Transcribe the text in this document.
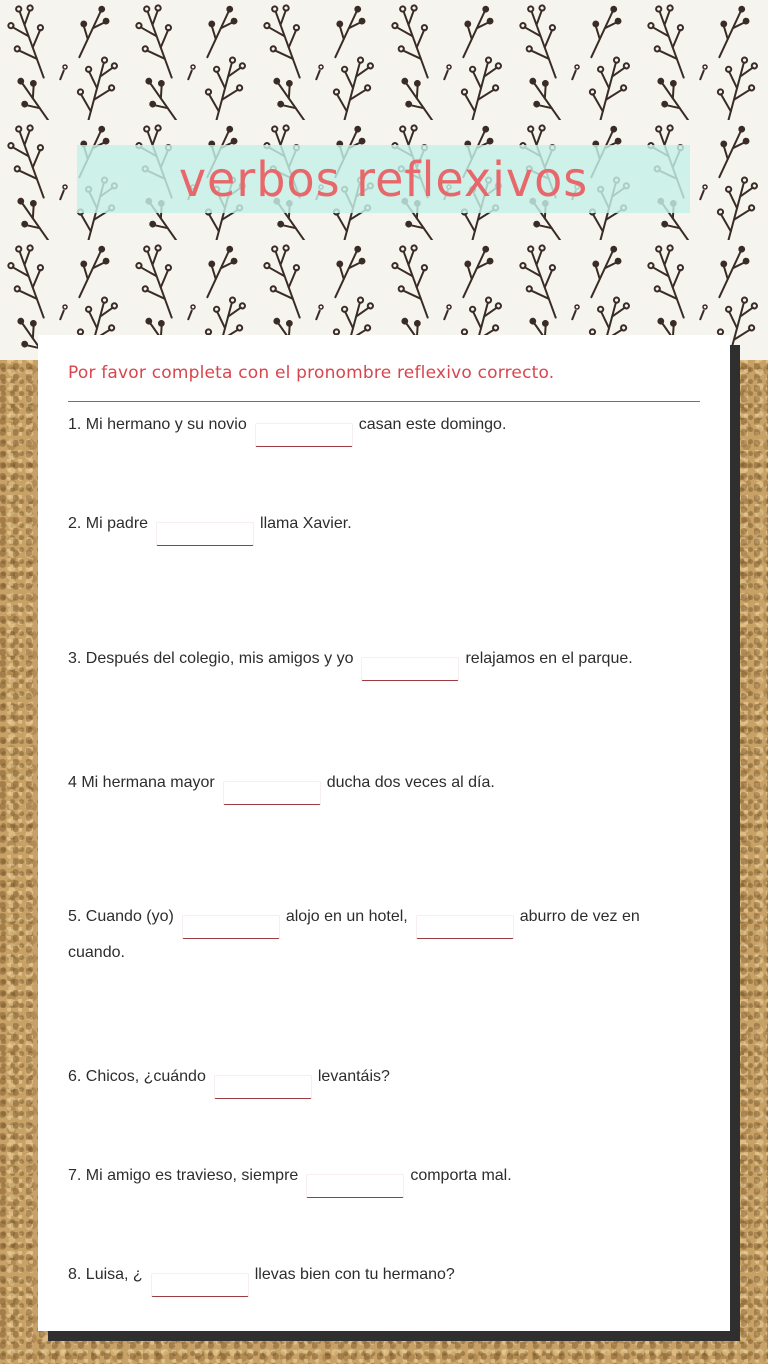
verbos reflexivos
Por favor completa con el pronombre reflexivo correcto.
1. Mi hermano y su novio	casan este domingo.
2. Mi padre	llama Xavier.
3. Después del colegio, mis amigos y yo	relajamos en el parque.
4 Mi hermana mayor	ducha dos veces al día.
5. Cuando (yo)	alojo en un hotel,	aburro de vez en cuando.
6. Chicos, ¿cuándo	levantáis?
7. Mi amigo es travieso, siempre	comporta mal.
8. Luisa, ¿	llevas bien con tu hermano?
